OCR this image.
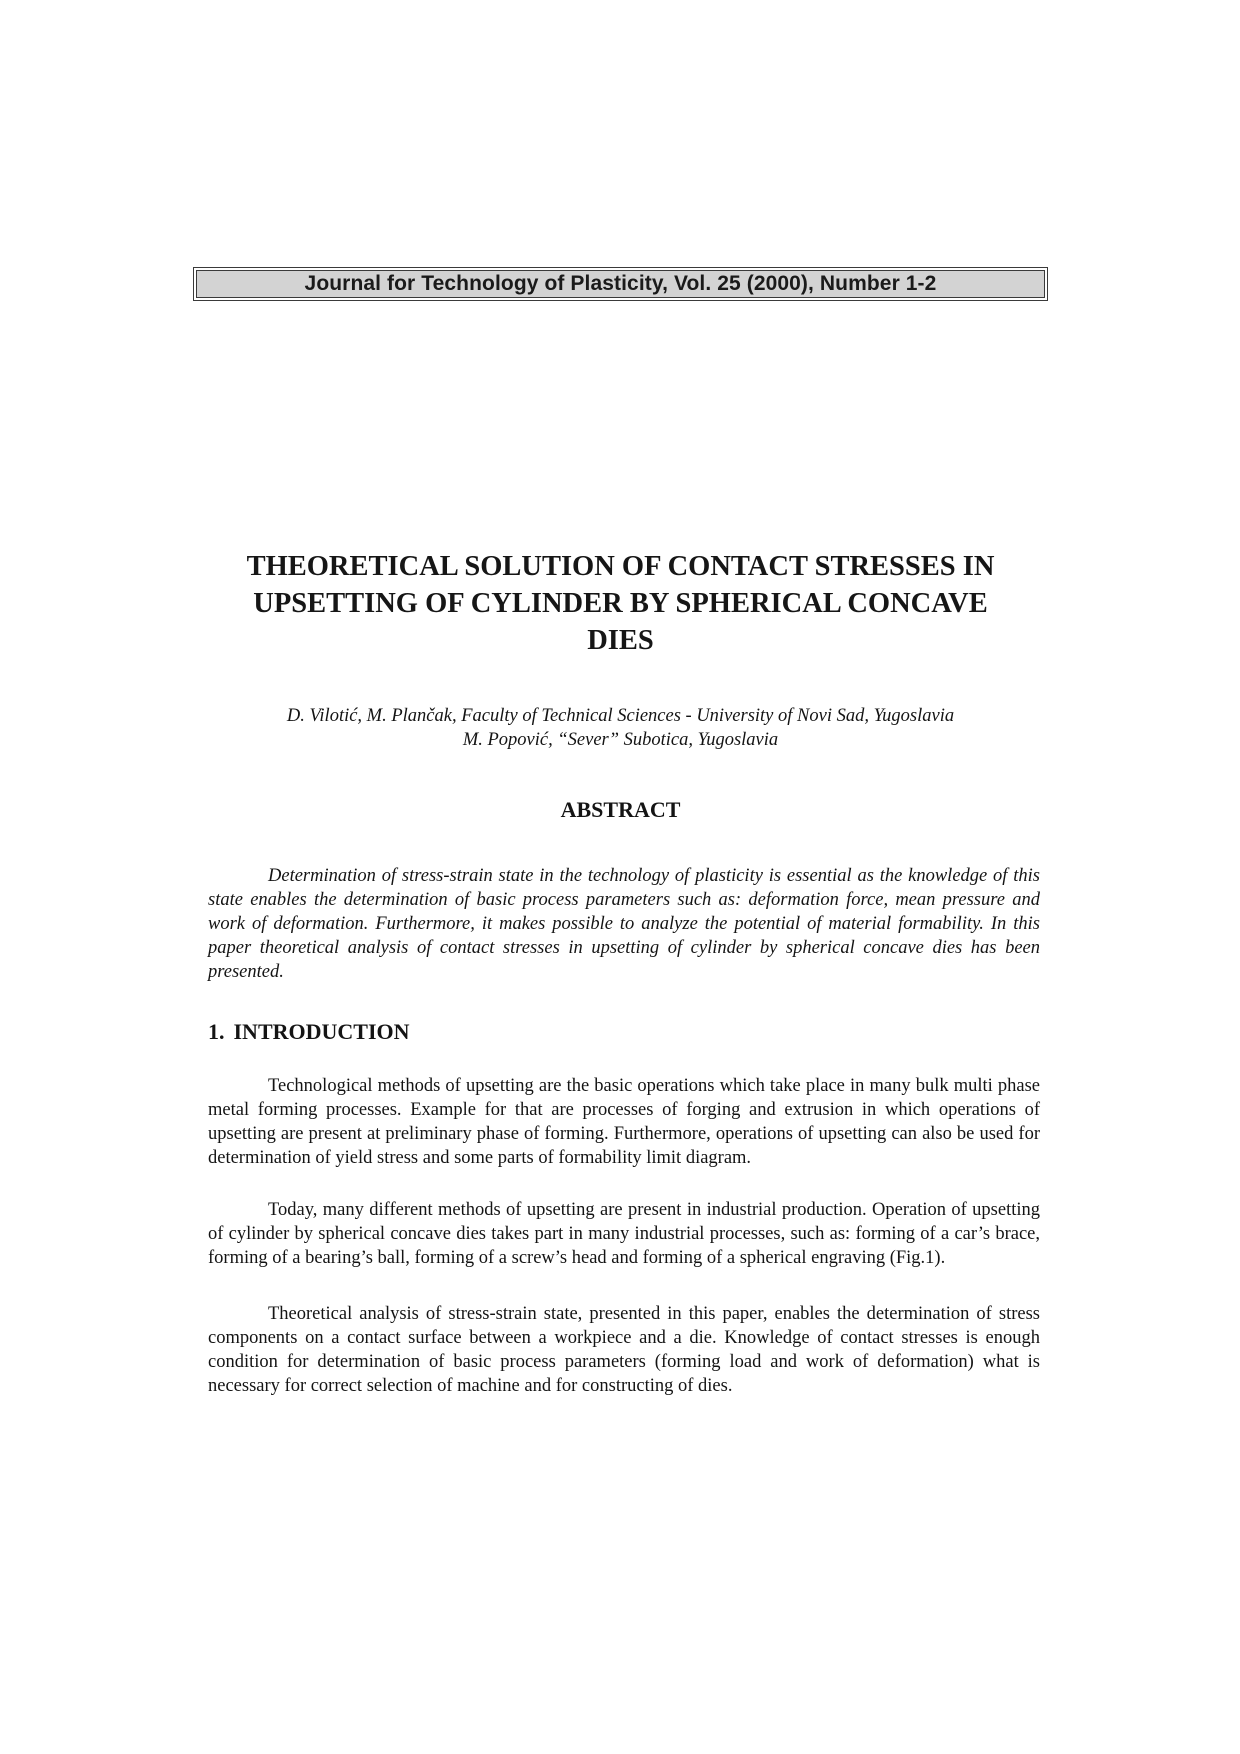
Journal for Technology of Plasticity, Vol. 25 (2000), Number 1-2
THEORETICAL SOLUTION OF CONTACT STRESSES IN
UPSETTING OF CYLINDER BY SPHERICAL CONCAVE
DIES
D. Vilotić, M. Plančak, Faculty of Technical Sciences - University of Novi Sad, Yugoslavia
M. Popović, “Sever” Subotica, Yugoslavia
ABSTRACT

Determination of stress-strain state in the technology of plasticity is essential as the knowledge of this state enables the determination of basic process parameters such as: deformation force, mean pressure and work of deformation. Furthermore, it makes possible to analyze the potential of material formability. In this paper theoretical analysis of contact stresses in upsetting of cylinder by spherical concave dies has been presented.

1. INTRODUCTION

Technological methods of upsetting are the basic operations which take place in many bulk multi phase metal forming processes. Example for that are processes of forging and extrusion in which operations of upsetting are present at preliminary phase of forming. Furthermore, operations of upsetting can also be used for determination of yield stress and some parts of formability limit diagram.

Today, many different methods of upsetting are present in industrial production. Operation of upsetting of cylinder by spherical concave dies takes part in many industrial processes, such as: forming of a car’s brace, forming of a bearing’s ball, forming of a screw’s head and forming of a spherical engraving (Fig.1).

Theoretical analysis of stress-strain state, presented in this paper, enables the determination of stress components on a contact surface between a workpiece and a die. Knowledge of contact stresses is enough condition for determination of basic process parameters (forming load and work of deformation) what is necessary for correct selection of machine and for constructing of dies.
